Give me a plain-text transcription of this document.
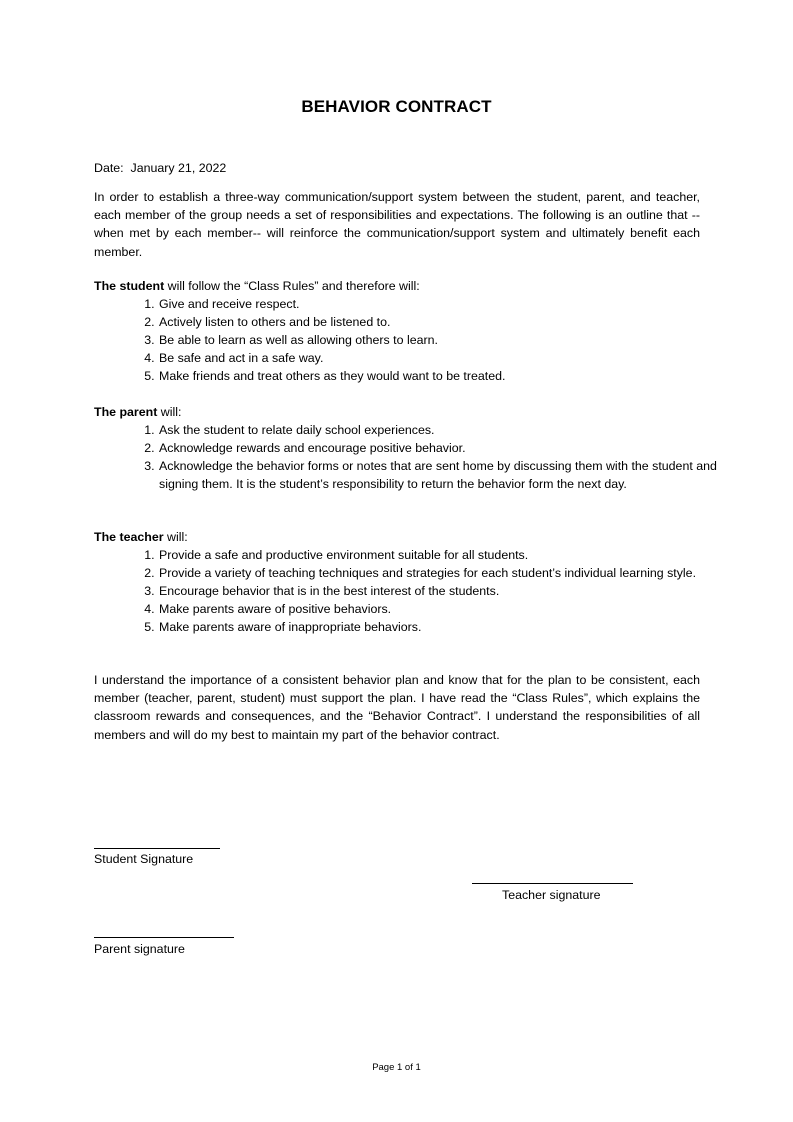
BEHAVIOR CONTRACT
Date: January 21, 2022
In order to establish a three-way communication/support system between the student, parent, and teacher, each member of the group needs a set of responsibilities and expectations. The following is an outline that --when met by each member-- will reinforce the communication/support system and ultimately benefit each member.
The student will follow the “Class Rules” and therefore will:
1. Give and receive respect.
2. Actively listen to others and be listened to.
3. Be able to learn as well as allowing others to learn.
4. Be safe and act in a safe way.
5. Make friends and treat others as they would want to be treated.
The parent will:
1. Ask the student to relate daily school experiences.
2. Acknowledge rewards and encourage positive behavior.
3. Acknowledge the behavior forms or notes that are sent home by discussing them with the student and signing them. It is the student’s responsibility to return the behavior form the next day.
The teacher will:
1. Provide a safe and productive environment suitable for all students.
2. Provide a variety of teaching techniques and strategies for each student’s individual learning style.
3. Encourage behavior that is in the best interest of the students.
4. Make parents aware of positive behaviors.
5. Make parents aware of inappropriate behaviors.
I understand the importance of a consistent behavior plan and know that for the plan to be consistent, each member (teacher, parent, student) must support the plan. I have read the “Class Rules”, which explains the classroom rewards and consequences, and the “Behavior Contract”. I understand the responsibilities of all members and will do my best to maintain my part of the behavior contract.
Student Signature
Teacher signature
Parent signature
Page 1 of 1
